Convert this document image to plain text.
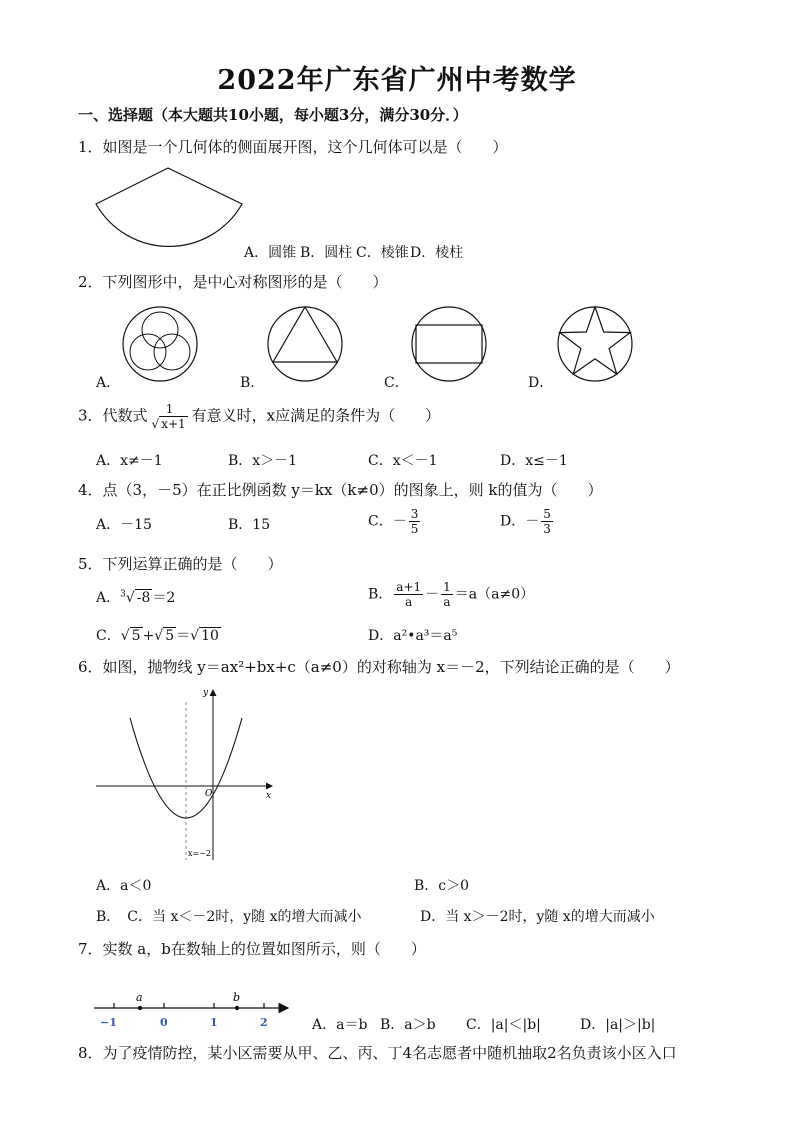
2022年广东省广州中考数学
一、选择题（本大题共10小题，每小题3分，满分30分．）
1．如图是一个几何体的侧面展开图，这个几何体可以是（　　）
A．圆锥 B．圆柱 C．棱锥 D．棱柱
2．下列图形中，是中心对称图形的是（　　）
A．	B．	C．	D．
3．代数式 $\frac{1}{√ x+1}$ 有意义时，x应满足的条件为（　　）
A．x≠－1	B．x＞－1	C．x＜－1	D．x≤－1
4．点（3，－5）在正比例函数 y＝kx（k≠0）的图象上，则 k的值为（　　）
A．－15	B．15	C．－ $\frac{3}{5}$	D．－ $\frac{5}{3}$
5．下列运算正确的是（　　）
A．$^3$√ -8 ＝2	B． $\frac{a+1}{a} - \frac{1}{a} =a(a\ne 0)$
C．√ 5 +√ 5 ＝√ 10	D．a²•a³＝a⁵
6．如图，抛物线 y＝ax²+bx+c（a≠0）的对称轴为 x＝－2，下列结论正确的是（　　）
x
y
O
x=−2
A．a＜0	B．c＞0
B．　C．当 x＜－2时，y随 x的增大而减小	D．当 x＞－2时，y随 x的增大而减小
7．实数 a，b在数轴上的位置如图所示，则（　　）
a	b
−1	0	1	2	A．a＝b B．a＞b C．|a|＜|b|	D．|a|＞|b|
8．为了疫情防控，某小区需要从甲、乙、丙、丁4名志愿者中随机抽取2名负责该小区入口
